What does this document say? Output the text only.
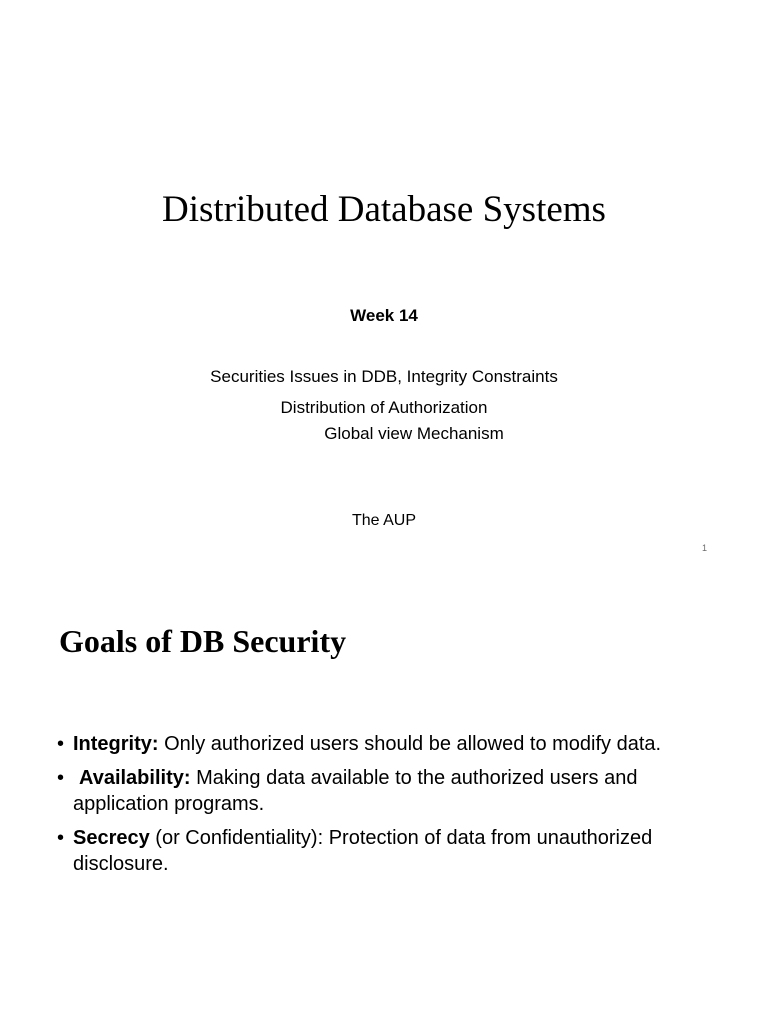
Distributed Database Systems
Week 14
Securities Issues in DDB, Integrity Constraints
Distribution of Authorization
Global view Mechanism
The AUP
1
Goals of DB Security
• Integrity: Only authorized users should be allowed to modify data.
• Availability: Making data available to the authorized users and application programs.
• Secrecy (or Confidentiality): Protection of data from unauthorized disclosure.
